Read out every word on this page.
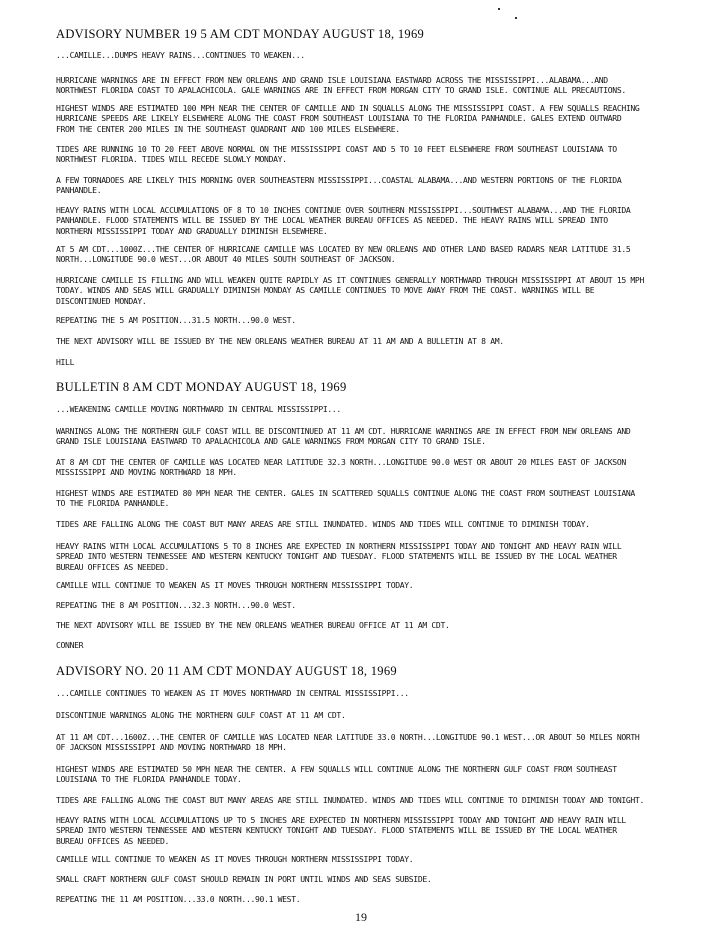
ADVISORY NUMBER 19 5 AM CDT MONDAY AUGUST 18, 1969
...CAMILLE...DUMPS HEAVY RAINS...CONTINUES TO WEAKEN...
HURRICANE WARNINGS ARE IN EFFECT FROM NEW ORLEANS AND GRAND ISLE LOUISIANA EASTWARD ACROSS THE MISSISSIPPI...ALABAMA...AND
NORTHWEST FLORIDA COAST TO APALACHICOLA. GALE WARNINGS ARE IN EFFECT FROM MORGAN CITY TO GRAND ISLE. CONTINUE ALL PRECAUTIONS.
HIGHEST WINDS ARE ESTIMATED 100 MPH NEAR THE CENTER OF CAMILLE AND IN SQUALLS ALONG THE MISSISSIPPI COAST. A FEW SQUALLS REACHING
HURRICANE SPEEDS ARE LIKELY ELSEWHERE ALONG THE COAST FROM SOUTHEAST LOUISIANA TO THE FLORIDA PANHANDLE. GALES EXTEND OUTWARD
FROM THE CENTER 200 MILES IN THE SOUTHEAST QUADRANT AND 100 MILES ELSEWHERE.
TIDES ARE RUNNING 10 TO 20 FEET ABOVE NORMAL ON THE MISSISSIPPI COAST AND 5 TO 10 FEET ELSEWHERE FROM SOUTHEAST LOUISIANA TO
NORTHWEST FLORIDA. TIDES WILL RECEDE SLOWLY MONDAY.
A FEW TORNADOES ARE LIKELY THIS MORNING OVER SOUTHEASTERN MISSISSIPPI...COASTAL ALABAMA...AND WESTERN PORTIONS OF THE FLORIDA
PANHANDLE.
HEAVY RAINS WITH LOCAL ACCUMULATIONS OF 8 TO 10 INCHES CONTINUE OVER SOUTHERN MISSISSIPPI...SOUTHWEST ALABAMA...AND THE FLORIDA
PANHANDLE. FLOOD STATEMENTS WILL BE ISSUED BY THE LOCAL WEATHER BUREAU OFFICES AS NEEDED. THE HEAVY RAINS WILL SPREAD INTO
NORTHERN MISSISSIPPI TODAY AND GRADUALLY DIMINISH ELSEWHERE.
AT 5 AM CDT...1000Z...THE CENTER OF HURRICANE CAMILLE WAS LOCATED BY NEW ORLEANS AND OTHER LAND BASED RADARS NEAR LATITUDE 31.5
NORTH...LONGITUDE 90.0 WEST...OR ABOUT 40 MILES SOUTH SOUTHEAST OF JACKSON.
HURRICANE CAMILLE IS FILLING AND WILL WEAKEN QUITE RAPIDLY AS IT CONTINUES GENERALLY NORTHWARD THROUGH MISSISSIPPI AT ABOUT 15 MPH
TODAY. WINDS AND SEAS WILL GRADUALLY DIMINISH MONDAY AS CAMILLE CONTINUES TO MOVE AWAY FROM THE COAST. WARNINGS WILL BE
DISCONTINUED MONDAY.
REPEATING THE 5 AM POSITION...31.5 NORTH...90.0 WEST.
THE NEXT ADVISORY WILL BE ISSUED BY THE NEW ORLEANS WEATHER BUREAU AT 11 AM AND A BULLETIN AT 8 AM.
HILL
BULLETIN 8 AM CDT MONDAY AUGUST 18, 1969
...WEAKENING CAMILLE MOVING NORTHWARD IN CENTRAL MISSISSIPPI...
WARNINGS ALONG THE NORTHERN GULF COAST WILL BE DISCONTINUED AT 11 AM CDT. HURRICANE WARNINGS ARE IN EFFECT FROM NEW ORLEANS AND
GRAND ISLE LOUISIANA EASTWARD TO APALACHICOLA AND GALE WARNINGS FROM MORGAN CITY TO GRAND ISLE.
AT 8 AM CDT THE CENTER OF CAMILLE WAS LOCATED NEAR LATITUDE 32.3 NORTH...LONGITUDE 90.0 WEST OR ABOUT 20 MILES EAST OF JACKSON
MISSISSIPPI AND MOVING NORTHWARD 18 MPH.
HIGHEST WINDS ARE ESTIMATED 80 MPH NEAR THE CENTER. GALES IN SCATTERED SQUALLS CONTINUE ALONG THE COAST FROM SOUTHEAST LOUISIANA
TO THE FLORIDA PANHANDLE.
TIDES ARE FALLING ALONG THE COAST BUT MANY AREAS ARE STILL INUNDATED. WINDS AND TIDES WILL CONTINUE TO DIMINISH TODAY.
HEAVY RAINS WITH LOCAL ACCUMULATIONS 5 TO 8 INCHES ARE EXPECTED IN NORTHERN MISSISSIPPI TODAY AND TONIGHT AND HEAVY RAIN WILL
SPREAD INTO WESTERN TENNESSEE AND WESTERN KENTUCKY TONIGHT AND TUESDAY. FLOOD STATEMENTS WILL BE ISSUED BY THE LOCAL WEATHER
BUREAU OFFICES AS NEEDED.
CAMILLE WILL CONTINUE TO WEAKEN AS IT MOVES THROUGH NORTHERN MISSISSIPPI TODAY.
REPEATING THE 8 AM POSITION...32.3 NORTH...90.0 WEST.
THE NEXT ADVISORY WILL BE ISSUED BY THE NEW ORLEANS WEATHER BUREAU OFFICE AT 11 AM CDT.
CONNER
ADVISORY NO. 20 11 AM CDT MONDAY AUGUST 18, 1969
...CAMILLE CONTINUES TO WEAKEN AS IT MOVES NORTHWARD IN CENTRAL MISSISSIPPI...
DISCONTINUE WARNINGS ALONG THE NORTHERN GULF COAST AT 11 AM CDT.
AT 11 AM CDT...1600Z...THE CENTER OF CAMILLE WAS LOCATED NEAR LATITUDE 33.0 NORTH...LONGITUDE 90.1 WEST...OR ABOUT 50 MILES NORTH
OF JACKSON MISSISSIPPI AND MOVING NORTHWARD 18 MPH.
HIGHEST WINDS ARE ESTIMATED 50 MPH NEAR THE CENTER. A FEW SQUALLS WILL CONTINUE ALONG THE NORTHERN GULF COAST FROM SOUTHEAST
LOUISIANA TO THE FLORIDA PANHANDLE TODAY.
TIDES ARE FALLING ALONG THE COAST BUT MANY AREAS ARE STILL INUNDATED. WINDS AND TIDES WILL CONTINUE TO DIMINISH TODAY AND TONIGHT.
HEAVY RAINS WITH LOCAL ACCUMULATIONS UP TO 5 INCHES ARE EXPECTED IN NORTHERN MISSISSIPPI TODAY AND TONIGHT AND HEAVY RAIN WILL
SPREAD INTO WESTERN TENNESSEE AND WESTERN KENTUCKY TONIGHT AND TUESDAY. FLOOD STATEMENTS WILL BE ISSUED BY THE LOCAL WEATHER
BUREAU OFFICES AS NEEDED.
CAMILLE WILL CONTINUE TO WEAKEN AS IT MOVES THROUGH NORTHERN MISSISSIPPI TODAY.
SMALL CRAFT NORTHERN GULF COAST SHOULD REMAIN IN PORT UNTIL WINDS AND SEAS SUBSIDE.
REPEATING THE 11 AM POSITION...33.0 NORTH...90.1 WEST.
19
